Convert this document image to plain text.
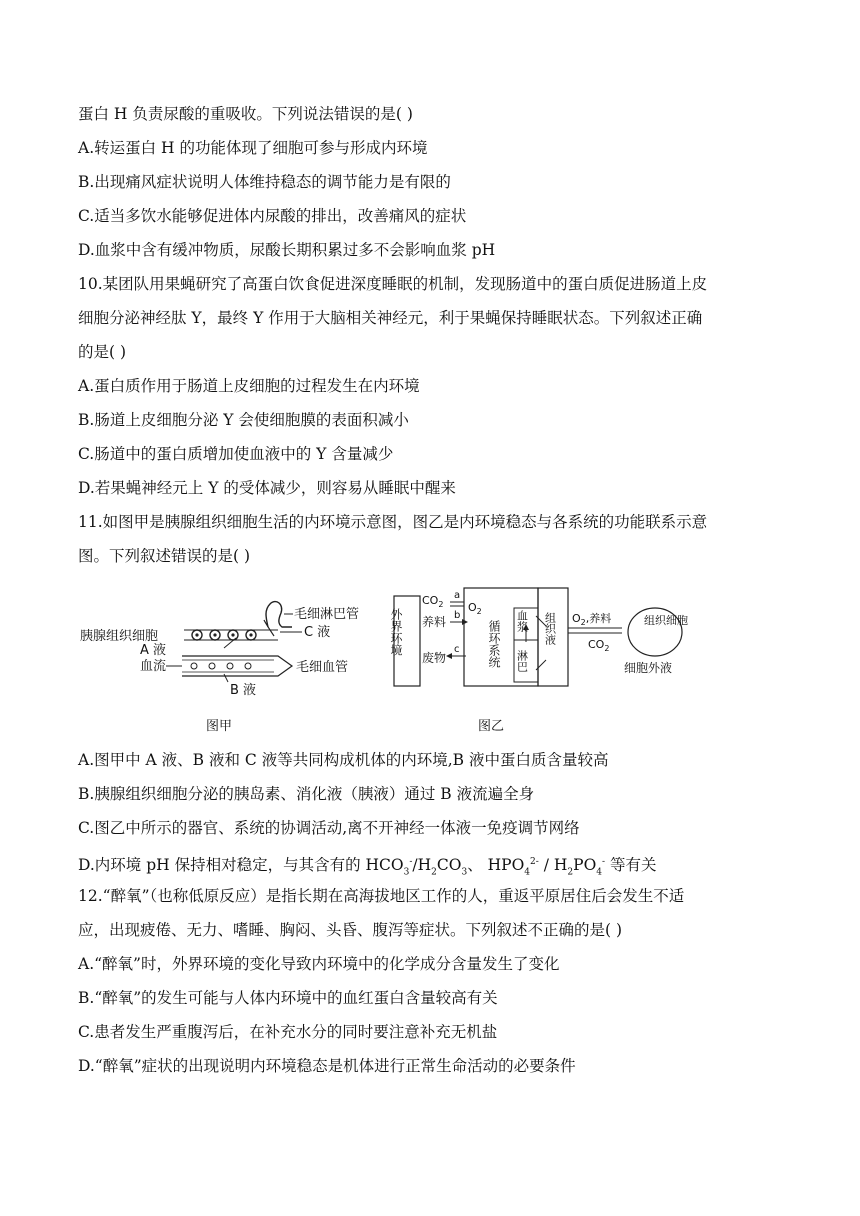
蛋白 H 负责尿酸的重吸收。下列说法错误的是( )
A.转运蛋白 H 的功能体现了细胞可参与形成内环境
B.出现痛风症状说明人体维持稳态的调节能力是有限的
C.适当多饮水能够促进体内尿酸的排出，改善痛风的症状
D.血浆中含有缓冲物质，尿酸长期积累过多不会影响血浆 pH
10.某团队用果蝇研究了高蛋白饮食促进深度睡眠的机制，发现肠道中的蛋白质促进肠道上皮
细胞分泌神经肽 Y，最终 Y 作用于大脑相关神经元，利于果蝇保持睡眠状态。下列叙述正确
的是( )
A.蛋白质作用于肠道上皮细胞的过程发生在内环境
B.肠道上皮细胞分泌 Y 会使细胞膜的表面积减小
C.肠道中的蛋白质增加使血液中的 Y 含量减少
D.若果蝇神经元上 Y 的受体减少，则容易从睡眠中醒来
11.如图甲是胰腺组织细胞生活的内环境示意图，图乙是内环境稳态与各系统的功能联系示意
图。下列叙述错误的是( )
毛细淋巴管
C 液
胰腺组织细胞
A 液
血流	毛细血管
B 液
图甲
外界环境
$CO_2$ $O_2$
a
养料 b
废物
c 循环系统 血浆
淋巴
组织液 $O_2$,养料
$CO_2$
组织细胞
细胞外液
图乙
A.图甲中 A 液、B 液和 C 液等共同构成机体的内环境,B 液中蛋白质含量较高
B.胰腺组织细胞分泌的胰岛素、消化液（胰液）通过 B 液流遍全身
C.图乙中所示的器官、系统的协调活动,离不开神经一体液一免疫调节网络
D.内环境 pH 保持相对稳定，与其含有的 $HCO_3^-/H_2CO_3$、 $HPO_4^{2-} / H_2PO_4^-$ 等有关
12.“醉氧”（也称低原反应）是指长期在高海拔地区工作的人，重返平原居住后会发生不适
应，出现疲倦、无力、嗜睡、胸闷、头昏、腹泻等症状。下列叙述不正确的是( )
A.“醉氧”时，外界环境的变化导致内环境中的化学成分含量发生了变化
B.“醉氧”的发生可能与人体内环境中的血红蛋白含量较高有关
C.患者发生严重腹泻后，在补充水分的同时要注意补充无机盐
D.“醉氧”症状的出现说明内环境稳态是机体进行正常生命活动的必要条件
